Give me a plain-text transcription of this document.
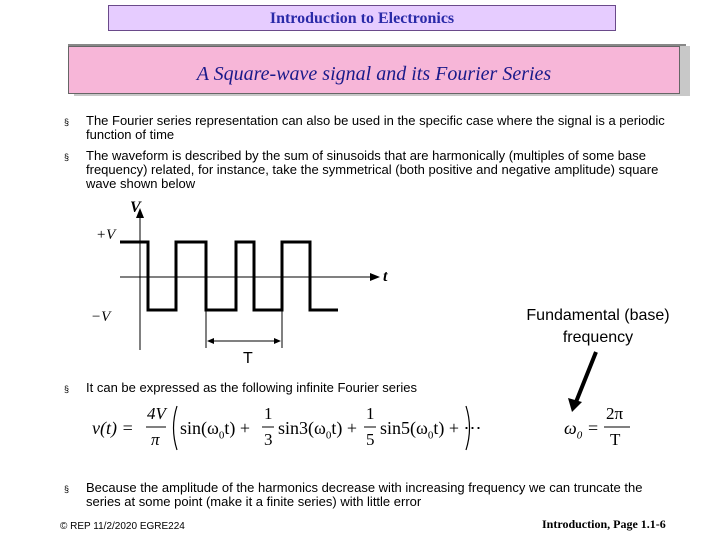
Introduction to Electronics
A Square-wave signal and its Fourier Series
§ The Fourier series representation can also be used in the specific case where the signal is a periodic function of time
§ The waveform is described by the sum of sinusoids that are harmonically (multiples of some base frequency) related, for instance, take the symmetrical (both positive and negative amplitude) square wave shown below
V
t
+V
−V
T
Fundamental (base)
frequency
§ It can be expressed as the following infinite Fourier series
v(t) =
4V
π
$\sin(\omega_0t)$ +
1
3
$\sin 3(\omega_0t)$ +
1
5
$\sin 5(\omega_0t)$ + ⋯	$\omega_0$ =
2π
T
§ Because the amplitude of the harmonics decrease with increasing frequency we can truncate the series at some point (make it a finite series) with little error
© REP 11/2/2020 EGRE224	Introduction, Page 1.1-6
